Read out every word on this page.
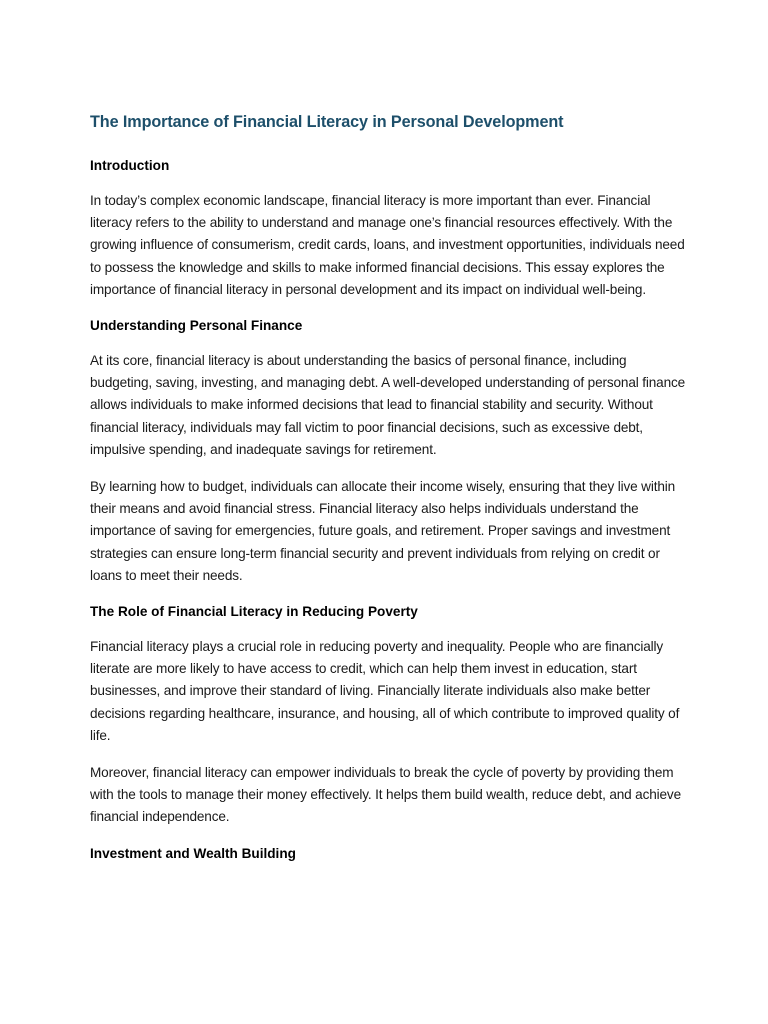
The Importance of Financial Literacy in Personal Development
Introduction

In today’s complex economic landscape, financial literacy is more important than ever. Financial literacy refers to the ability to understand and manage one’s financial resources effectively. With the growing influence of consumerism, credit cards, loans, and investment opportunities, individuals need to possess the knowledge and skills to make informed financial decisions. This essay explores the importance of financial literacy in personal development and its impact on individual well-being.

Understanding Personal Finance

At its core, financial literacy is about understanding the basics of personal finance, including budgeting, saving, investing, and managing debt. A well-developed understanding of personal finance allows individuals to make informed decisions that lead to financial stability and security. Without financial literacy, individuals may fall victim to poor financial decisions, such as excessive debt, impulsive spending, and inadequate savings for retirement.

By learning how to budget, individuals can allocate their income wisely, ensuring that they live within their means and avoid financial stress. Financial literacy also helps individuals understand the importance of saving for emergencies, future goals, and retirement. Proper savings and investment strategies can ensure long-term financial security and prevent individuals from relying on credit or loans to meet their needs.

The Role of Financial Literacy in Reducing Poverty

Financial literacy plays a crucial role in reducing poverty and inequality. People who are financially literate are more likely to have access to credit, which can help them invest in education, start businesses, and improve their standard of living. Financially literate individuals also make better decisions regarding healthcare, insurance, and housing, all of which contribute to improved quality of life.

Moreover, financial literacy can empower individuals to break the cycle of poverty by providing them with the tools to manage their money effectively. It helps them build wealth, reduce debt, and achieve financial independence.

Investment and Wealth Building
